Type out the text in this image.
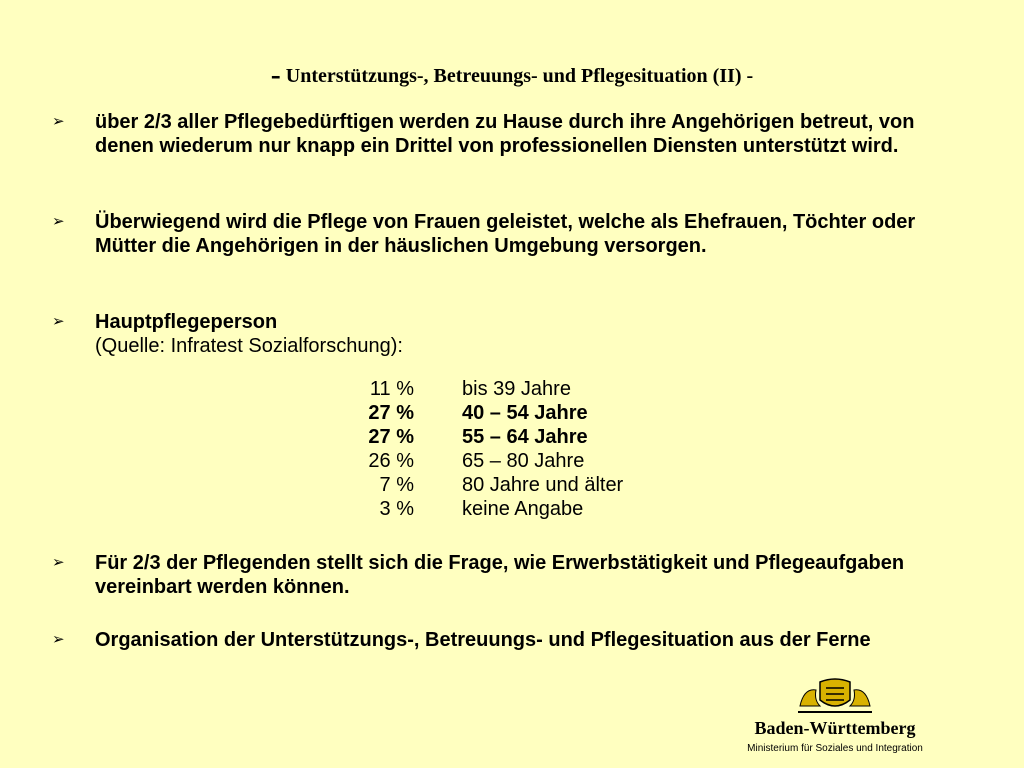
- Unterstützungs-, Betreuungs- und Pflegesituation (II) -
➢	über 2/3 aller Pflegebedürftigen werden zu Hause durch ihre Angehörigen betreut, von denen wiederum nur knapp ein Drittel von professionellen Diensten unterstützt wird.
➢	Überwiegend wird die Pflege von Frauen geleistet, welche als Ehefrauen, Töchter oder Mütter die Angehörigen in der häuslichen Umgebung versorgen.
➢	Hauptpflegeperson
(Quelle: Infratest Sozialforschung):
11 % bis 39 Jahre
27 % 40 – 54 Jahre
27 % 55 – 64 Jahre
26 % 65 – 80 Jahre
7 % 80 Jahre und älter
3 % keine Angabe
➢	Für 2/3 der Pflegenden stellt sich die Frage, wie Erwerbstätigkeit und Pflegeaufgaben vereinbart werden können.
➢	Organisation der Unterstützungs-, Betreuungs- und Pflegesituation aus der Ferne
Baden-Württemberg
Ministerium für Soziales und Integration
